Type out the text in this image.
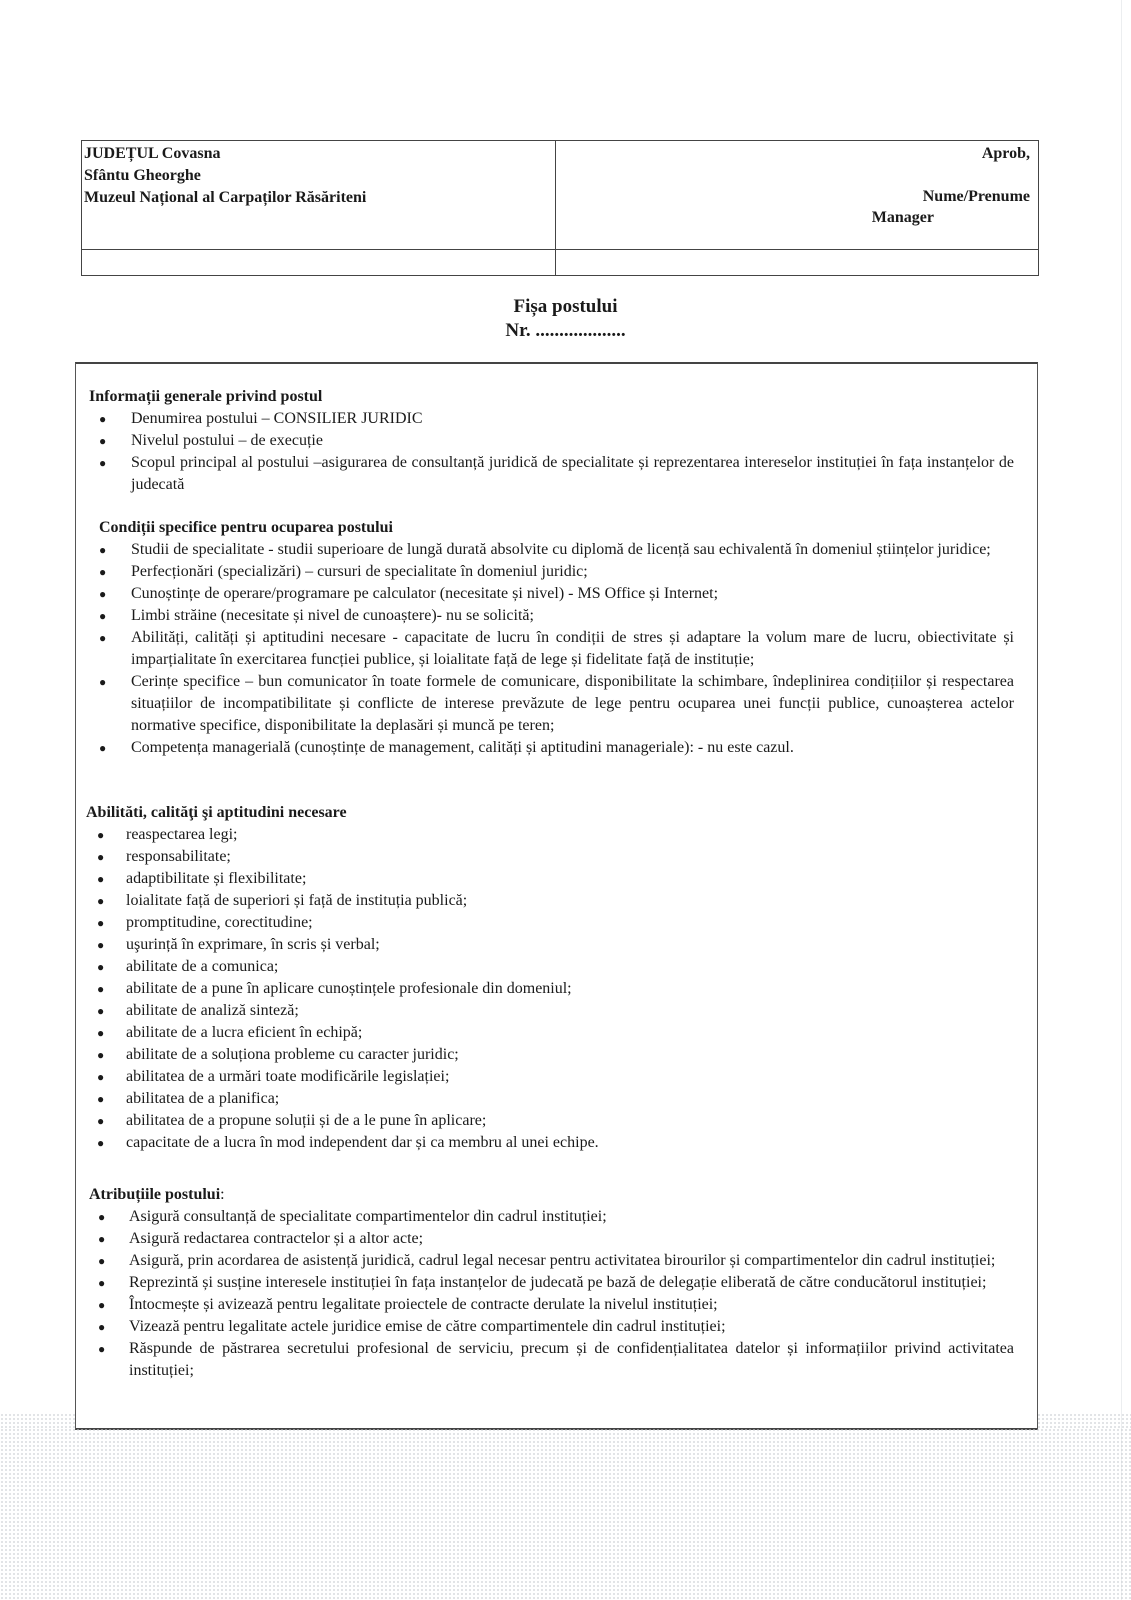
JUDEȚUL Covasna
Sfântu Gheorghe
Muzeul Național al Carpaților Răsăriteni
Aprob,
Nume/Prenume
Manager
Fișa postului
Nr. ...................
Informații generale privind postul
● Denumirea postului – CONSILIER JURIDIC
● Nivelul postului – de execuție
● Scopul principal al postului –asigurarea de consultanță juridică de specialitate și reprezentarea intereselor instituției în fața instanțelor de judecată
Condiții specifice pentru ocuparea postului
● Studii de specialitate - studii superioare de lungă durată absolvite cu diplomă de licență sau echivalentă în domeniul științelor juridice;
● Perfecționări (specializări) – cursuri de specialitate în domeniul juridic;
● Cunoștințe de operare/programare pe calculator (necesitate și nivel) - MS Office și Internet;
● Limbi străine (necesitate și nivel de cunoaștere)- nu se solicită;
● Abilități, calități și aptitudini necesare - capacitate de lucru în condiții de stres și adaptare la volum mare de lucru, obiectivitate și imparțialitate în exercitarea funcției publice, și loialitate față de lege și fidelitate față de instituție;
● Cerințe specifice – bun comunicator în toate formele de comunicare, disponibilitate la schimbare, îndeplinirea condițiilor și respectarea situațiilor de incompatibilitate și conflicte de interese prevăzute de lege pentru ocuparea unei funcții publice, cunoașterea actelor normative specifice, disponibilitate la deplasări și muncă pe teren;
● Competența managerială (cunoștințe de management, calități și aptitudini manageriale): - nu este cazul.
Abilităti, calităţi şi aptitudini necesare
● reaspectarea legi;
● responsabilitate;
● adaptibilitate și flexibilitate;
● loialitate față de superiori și față de instituția publică;
● promptitudine, corectitudine;
● uşurință în exprimare, în scris și verbal;
● abilitate de a comunica;
● abilitate de a pune în aplicare cunoștințele profesionale din domeniul;
● abilitate de analiză sinteză;
● abilitate de a lucra eficient în echipă;
● abilitate de a soluționa probleme cu caracter juridic;
● abilitatea de a urmări toate modificările legislației;
● abilitatea de a planifica;
● abilitatea de a propune soluții și de a le pune în aplicare;
● capacitate de a lucra în mod independent dar și ca membru al unei echipe.
Atribuțiile postului:
● Asigură consultanță de specialitate compartimentelor din cadrul instituției;
● Asigură redactarea contractelor și a altor acte;
● Asigură, prin acordarea de asistență juridică, cadrul legal necesar pentru activitatea birourilor și compartimentelor din cadrul instituției;
● Reprezintă și susține interesele instituției în fața instanțelor de judecată pe bază de delegație eliberată de către conducătorul instituției;
● Întocmește și avizează pentru legalitate proiectele de contracte derulate la nivelul instituției;
● Vizează pentru legalitate actele juridice emise de către compartimentele din cadrul instituției;
● Răspunde de păstrarea secretului profesional de serviciu, precum și de confidențialitatea datelor și informațiilor privind activitatea instituției;
